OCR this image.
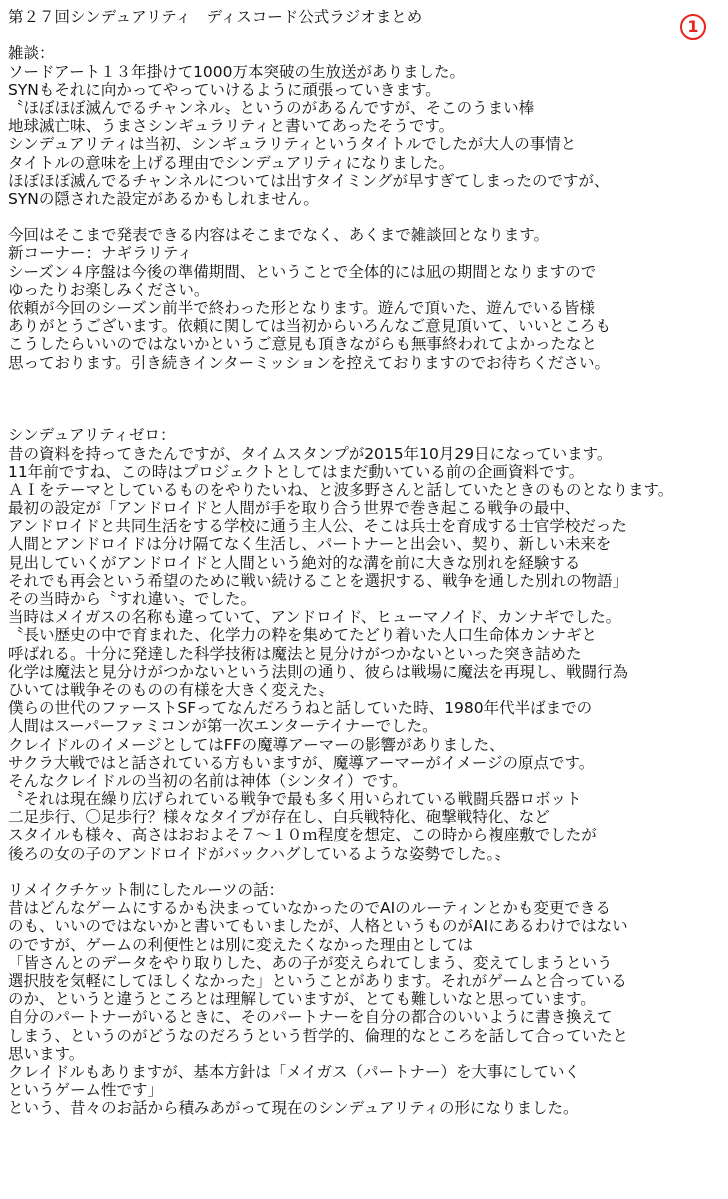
第２７回シンデュアリティ　ディスコード公式ラジオまとめ
雑談：
ソードアート１３年掛けて1000万本突破の生放送がありました。
SYNもそれに向かってやっていけるように頑張っていきます。
〝ほぼほぼ滅んでるチャンネル〟というのがあるんですが、そこのうまい棒
地球滅亡味、うまさシンギュラリティと書いてあったそうです。
シンデュアリティは当初、シンギュラリティというタイトルでしたが大人の事情と
タイトルの意味を上げる理由でシンデュアリティになりました。
ほぼほぼ滅んでるチャンネルについては出すタイミングが早すぎてしまったのですが、
SYNの隠された設定があるかもしれません。
今回はそこまで発表できる内容はそこまでなく、あくまで雑談回となります。
新コーナー：ナギラリティ
シーズン４序盤は今後の準備期間、ということで全体的には凪の期間となりますので
ゆったりお楽しみください。
依頼が今回のシーズン前半で終わった形となります。遊んで頂いた、遊んでいる皆様
ありがとうございます。依頼に関しては当初からいろんなご意見頂いて、いいところも
こうしたらいいのではないかというご意見も頂きながらも無事終われてよかったなと
思っております。引き続きインターミッションを控えておりますのでお待ちください。
シンデュアリティゼロ：
昔の資料を持ってきたんですが、タイムスタンプが2015年10月29日になっています。
11年前ですね、この時はプロジェクトとしてはまだ動いている前の企画資料です。
ＡＩをテーマとしているものをやりたいね、と波多野さんと話していたときのものとなります。
最初の設定が「アンドロイドと人間が手を取り合う世界で巻き起こる戦争の最中、
アンドロイドと共同生活をする学校に通う主人公、そこは兵士を育成する士官学校だった
人間とアンドロイドは分け隔てなく生活し、パートナーと出会い、契り、新しい未来を
見出していくがアンドロイドと人間という絶対的な溝を前に大きな別れを経験する
それでも再会という希望のために戦い続けることを選択する、戦争を通した別れの物語」
その当時から〝すれ違い〟でした。
当時はメイガスの名称も違っていて、アンドロイド、ヒューマノイド、カンナギでした。
〝長い歴史の中で育まれた、化学力の粋を集めてたどり着いた人口生命体カンナギと
呼ばれる。十分に発達した科学技術は魔法と見分けがつかないといった突き詰めた
化学は魔法と見分けがつかないという法則の通り、彼らは戦場に魔法を再現し、戦闘行為
ひいては戦争そのものの有様を大きく変えた〟
僕らの世代のファーストSFってなんだろうねと話していた時、1980年代半ばまでの
人間はスーパーファミコンが第一次エンターテイナーでした。
クレイドルのイメージとしてはFFの魔導アーマーの影響がありました、
サクラ大戦ではと話されている方もいますが、魔導アーマーがイメージの原点です。
そんなクレイドルの当初の名前は神体（シンタイ）です。
〝それは現在繰り広げられている戦争で最も多く用いられている戦闘兵器ロボット
二足歩行、〇足歩行？様々なタイプが存在し、白兵戦特化、砲撃戦特化、など
スタイルも様々、高さはおおよそ７～１０ｍ程度を想定、この時から複座敷でしたが
後ろの女の子のアンドロイドがバックハグしているような姿勢でした。〟
リメイクチケット制にしたルーツの話：
昔はどんなゲームにするかも決まっていなかったのでAIのルーティンとかも変更できる
のも、いいのではないかと書いてもいましたが、人格というものがAIにあるわけではない
のですが、ゲームの利便性とは別に変えたくなかった理由としては
「皆さんとのデータをやり取りした、あの子が変えられてしまう、変えてしまうという
選択肢を気軽にしてほしくなかった」ということがあります。それがゲームと合っている
のか、というと違うところとは理解していますが、とても難しいなと思っています。
自分のパートナーがいるときに、そのパートナーを自分の都合のいいように書き換えて
しまう、というのがどうなのだろうという哲学的、倫理的なところを話して合っていたと
思います。
クレイドルもありますが、基本方針は「メイガス（パートナー）を大事にしていく
というゲーム性です」
という、昔々のお話から積みあがって現在のシンデュアリティの形になりました。
1
